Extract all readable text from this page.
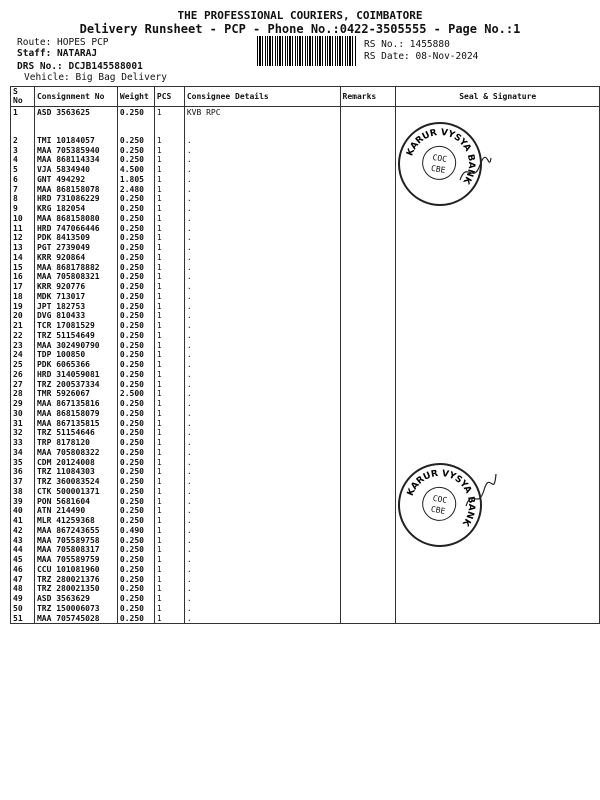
THE PROFESSIONAL COURIERS, COIMBATORE
Delivery Runsheet - PCP - Phone No.:0422-3505555 - Page No.:1
Route: HOPES PCP
Staff: NATARAJ
DRS No.: DCJB145588001
Vehicle: Big Bag Delivery
RS No.: 1455880
RS Date: 08-Nov-2024
S No	Consignment No	Weight	PCS	Consignee Details	Remarks	Seal & Signature
1	ASD 3563625	0.250	1	KVB RPC		
2	TMI 10184057	0.250	1	.		
3	MAA 705385940	0.250	1	.		
4	MAA 868114334	0.250	1	.		
5	VJA 5834940	4.500	1	.		
6	GNT 494292	1.805	1	.		
7	MAA 868158078	2.480	1	.		
8	HRD 731086229	0.250	1	.		
9	KRG 182054	0.250	1	.		
10	MAA 868158080	0.250	1	.		
11	HRD 747066446	0.250	1	.		
12	PDK 8413509	0.250	1	.		
13	PGT 2739049	0.250	1	.		
14	KRR 920864	0.250	1	.		
15	MAA 868178882	0.250	1	.		
16	MAA 705808321	0.250	1	.		
17	KRR 920776	0.250	1	.		
18	MDK 713017	0.250	1	.		
19	JPT 182753	0.250	1	.		
20	DVG 810433	0.250	1	.		
21	TCR 17081529	0.250	1	.		
22	TRZ 51154649	0.250	1	.		
23	MAA 302490790	0.250	1	.		
24	TDP 100850	0.250	1	.		
25	PDK 6065366	0.250	1	.		
26	HRD 314059081	0.250	1	.		
27	TRZ 200537334	0.250	1	.		
28	TMR 5926067	2.500	1	.		
29	MAA 867135816	0.250	1	.		
30	MAA 868158079	0.250	1	.		
31	MAA 867135815	0.250	1	.		
32	TRZ 51154646	0.250	1	.		
33	TRP 8178120	0.250	1	.		
34	MAA 705808322	0.250	1	.		
35	CDM 20124008	0.250	1	.		
36	TRZ 11084303	0.250	1	.		
37	TRZ 360083524	0.250	1	.		
38	CTK 500001371	0.250	1	.		
39	PON 5681604	0.250	1	.		
40	ATN 214490	0.250	1	.		
41	MLR 41259368	0.250	1	.		
42	MAA 867243655	0.490	1	.		
43	MAA 705589758	0.250	1	.		
44	MAA 705808317	0.250	1	.		
45	MAA 705589759	0.250	1	.		
46	CCU 101081960	0.250	1	.		
47	TRZ 280021376	0.250	1	.		
48	TRZ 280021350	0.250	1	.		
49	ASD 3563629	0.250	1	.		
50	TRZ 150006073	0.250	1	.		
51	MAA 705745028	0.250	1	.		
KARUR VYSYA BANK
COC
CBE
KARUR VYSYA BANK
COC
CBE
